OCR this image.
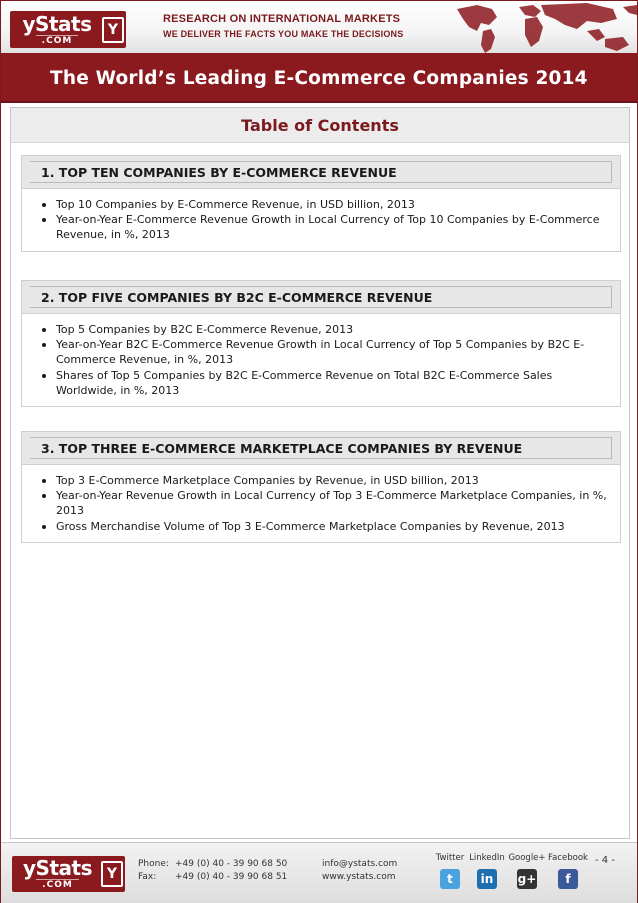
yStats
.COM
Y
RESEARCH ON INTERNATIONAL MARKETS
WE DELIVER THE FACTS YOU MAKE THE DECISIONS
The World’s Leading E-Commerce Companies 2014
Table of Contents
1. TOP TEN COMPANIES BY E-COMMERCE REVENUE
Top 10 Companies by E-Commerce Revenue, in USD billion, 2013
Year-on-Year E-Commerce Revenue Growth in Local Currency of Top 10 Companies by E-Commerce Revenue, in %, 2013
2. TOP FIVE COMPANIES BY B2C E-COMMERCE REVENUE
Top 5 Companies by B2C E-Commerce Revenue, 2013
Year-on-Year B2C E-Commerce Revenue Growth in Local Currency of Top 5 Companies by B2C E-Commerce Revenue, in %, 2013
Shares of Top 5 Companies by B2C E-Commerce Revenue on Total B2C E-Commerce Sales Worldwide, in %, 2013
3. TOP THREE E-COMMERCE MARKETPLACE COMPANIES BY REVENUE
Top 3 E-Commerce Marketplace Companies by Revenue, in USD billion, 2013
Year-on-Year Revenue Growth in Local Currency of Top 3 E-Commerce Marketplace Companies, in %, 2013
Gross Merchandise Volume of Top 3 E-Commerce Marketplace Companies by Revenue, 2013
yStats
.COM
Y
Phone:
Fax:
+49 (0) 40 - 39 90 68 50
+49 (0) 40 - 39 90 68 51
info@ystats.com
www.ystats.com
Twitter
t
LinkedIn
in
Google+
g+
Facebook
f
- 4 -
